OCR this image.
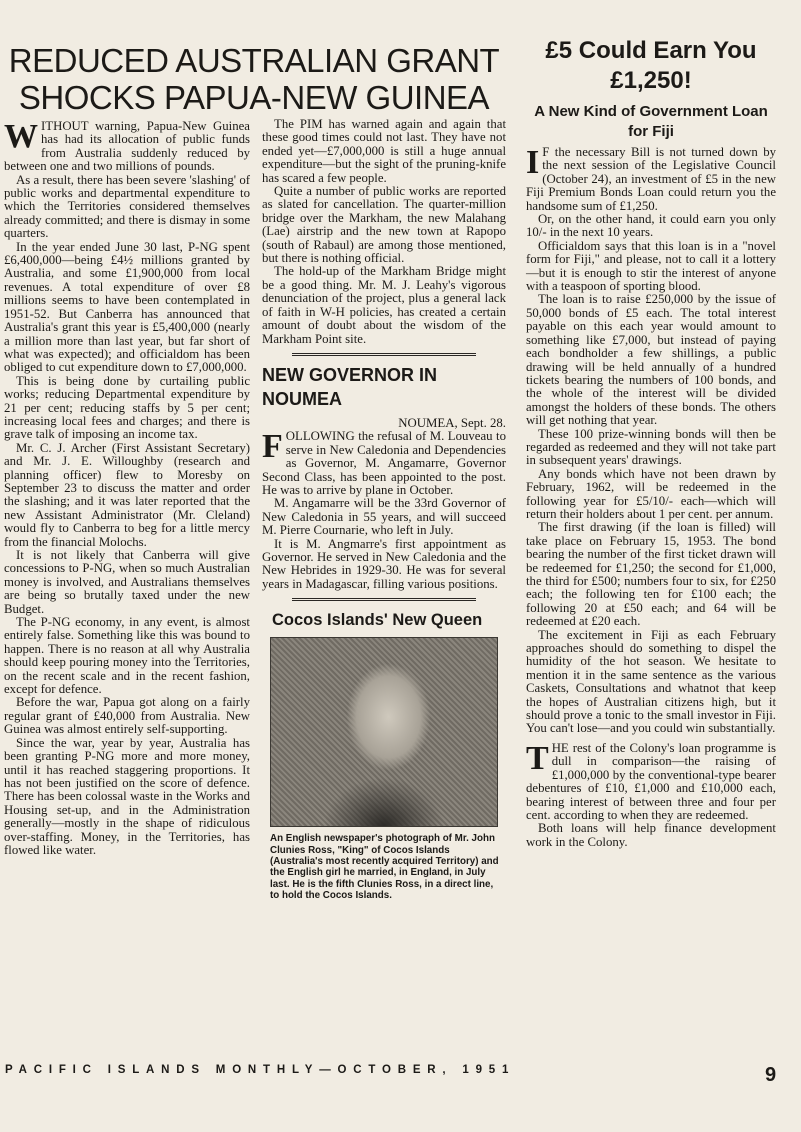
REDUCED AUSTRALIAN GRANT SHOCKS PAPUA-NEW GUINEA

WITHOUT warning, Papua-New Guinea has had its allocation of public funds from Australia suddenly reduced by between one and two millions of pounds.

As a result, there has been severe 'slashing' of public works and departmental expenditure to which the Territories considered themselves already committed; and there is dismay in some quarters.

In the year ended June 30 last, P-NG spent £6,400,000—being £4½ millions granted by Australia, and some £1,900,000 from local revenues. A total expenditure of over £8 millions seems to have been contemplated in 1951-52. But Canberra has announced that Australia's grant this year is £5,400,000 (nearly a million more than last year, but far short of what was expected); and officialdom has been obliged to cut expenditure down to £7,000,000.

This is being done by curtailing public works; reducing Departmental expenditure by 21 per cent; reducing staffs by 5 per cent; increasing local fees and charges; and there is grave talk of imposing an income tax.

Mr. C. J. Archer (First Assistant Secretary) and Mr. J. E. Willoughby (research and planning officer) flew to Moresby on September 23 to discuss the matter and order the slashing; and it was later reported that the new Assistant Administrator (Mr. Cleland) would fly to Canberra to beg for a little mercy from the financial Molochs.

It is not likely that Canberra will give concessions to P-NG, when so much Australian money is involved, and Australians themselves are being so brutally taxed under the new Budget.

The P-NG economy, in any event, is almost entirely false. Something like this was bound to happen. There is no reason at all why Australia should keep pouring money into the Territories, on the recent scale and in the recent fashion, except for defence.

Before the war, Papua got along on a fairly regular grant of £40,000 from Australia. New Guinea was almost entirely self-supporting.

Since the war, year by year, Australia has been granting P-NG more and more money, until it has reached staggering proportions. It has not been justified on the score of defence. There has been colossal waste in the Works and Housing set-up, and in the Administration generally—mostly in the shape of ridiculous over-staffing. Money, in the Territories, has flowed like water.

The PIM has warned again and again that these good times could not last. They have not ended yet—£7,000,000 is still a huge annual expenditure—but the sight of the pruning-knife has scared a few people.

Quite a number of public works are reported as slated for cancellation. The quarter-million bridge over the Markham, the new Malahang (Lae) airstrip and the new town at Rapopo (south of Rabaul) are among those mentioned, but there is nothing official.

The hold-up of the Markham Bridge might be a good thing. Mr. M. J. Leahy's vigorous denunciation of the project, plus a general lack of faith in W-H policies, has created a certain amount of doubt about the wisdom of the Markham Point site.

NEW GOVERNOR IN NOUMEA

NOUMEA, Sept. 28.

FOLLOWING the refusal of M. Louveau to serve in New Caledonia and Dependencies as Governor, M. Angamarre, Governor Second Class, has been appointed to the post. He was to arrive by plane in October.

M. Angamarre will be the 33rd Governor of New Caledonia in 55 years, and will succeed M. Pierre Cournarie, who left in July.

It is M. Angmarre's first appointment as Governor. He served in New Caledonia and the New Hebrides in 1929-30. He was for several years in Madagascar, filling various positions.

Cocos Islands' New Queen

An English newspaper's photograph of Mr. John Clunies Ross, "King" of Cocos Islands (Australia's most recently acquired Territory) and the English girl he married, in England, in July last. He is the fifth Clunies Ross, in a direct line, to hold the Cocos Islands.

£5 Could Earn You £1,250!
A New Kind of Government Loan for Fiji

I F the necessary Bill is not turned down by the next session of the Legislative Council (October 24), an investment of £5 in the new Fiji Premium Bonds Loan could return you the handsome sum of £1,250.

Or, on the other hand, it could earn you only 10/- in the next 10 years.

Officialdom says that this loan is in a "novel form for Fiji," and please, not to call it a lottery—but it is enough to stir the interest of anyone with a teaspoon of sporting blood.

The loan is to raise £250,000 by the issue of 50,000 bonds of £5 each. The total interest payable on this each year would amount to something like £7,000, but instead of paying each bondholder a few shillings, a public drawing will be held annually of a hundred tickets bearing the numbers of 100 bonds, and the whole of the interest will be divided amongst the holders of these bonds. The others will get nothing that year.

These 100 prize-winning bonds will then be regarded as redeemed and they will not take part in subsequent years' drawings.

Any bonds which have not been drawn by February, 1962, will be redeemed in the following year for £5/10/- each—which will return their holders about 1 per cent. per annum.

The first drawing (if the loan is filled) will take place on February 15, 1953. The bond bearing the number of the first ticket drawn will be redeemed for £1,250; the second for £1,000, the third for £500; numbers four to six, for £250 each; the following ten for £100 each; the following 20 at £50 each; and 64 will be redeemed at £20 each.

The excitement in Fiji as each February approaches should do something to dispel the humidity of the hot season. We hesitate to mention it in the same sentence as the various Caskets, Consultations and whatnot that keep the hopes of Australian citizens high, but it should prove a tonic to the small investor in Fiji. You can't lose—and you could win substantially.

THE rest of the Colony's loan programme is dull in comparison—the raising of £1,000,000 by the conventional-type bearer debentures of £10, £1,000 and £10,000 each, bearing interest of between three and four per cent. according to when they are redeemed.

Both loans will help finance development work in the Colony.

PACIFIC ISLANDS MONTHLY—OCTOBER, 1951	9
